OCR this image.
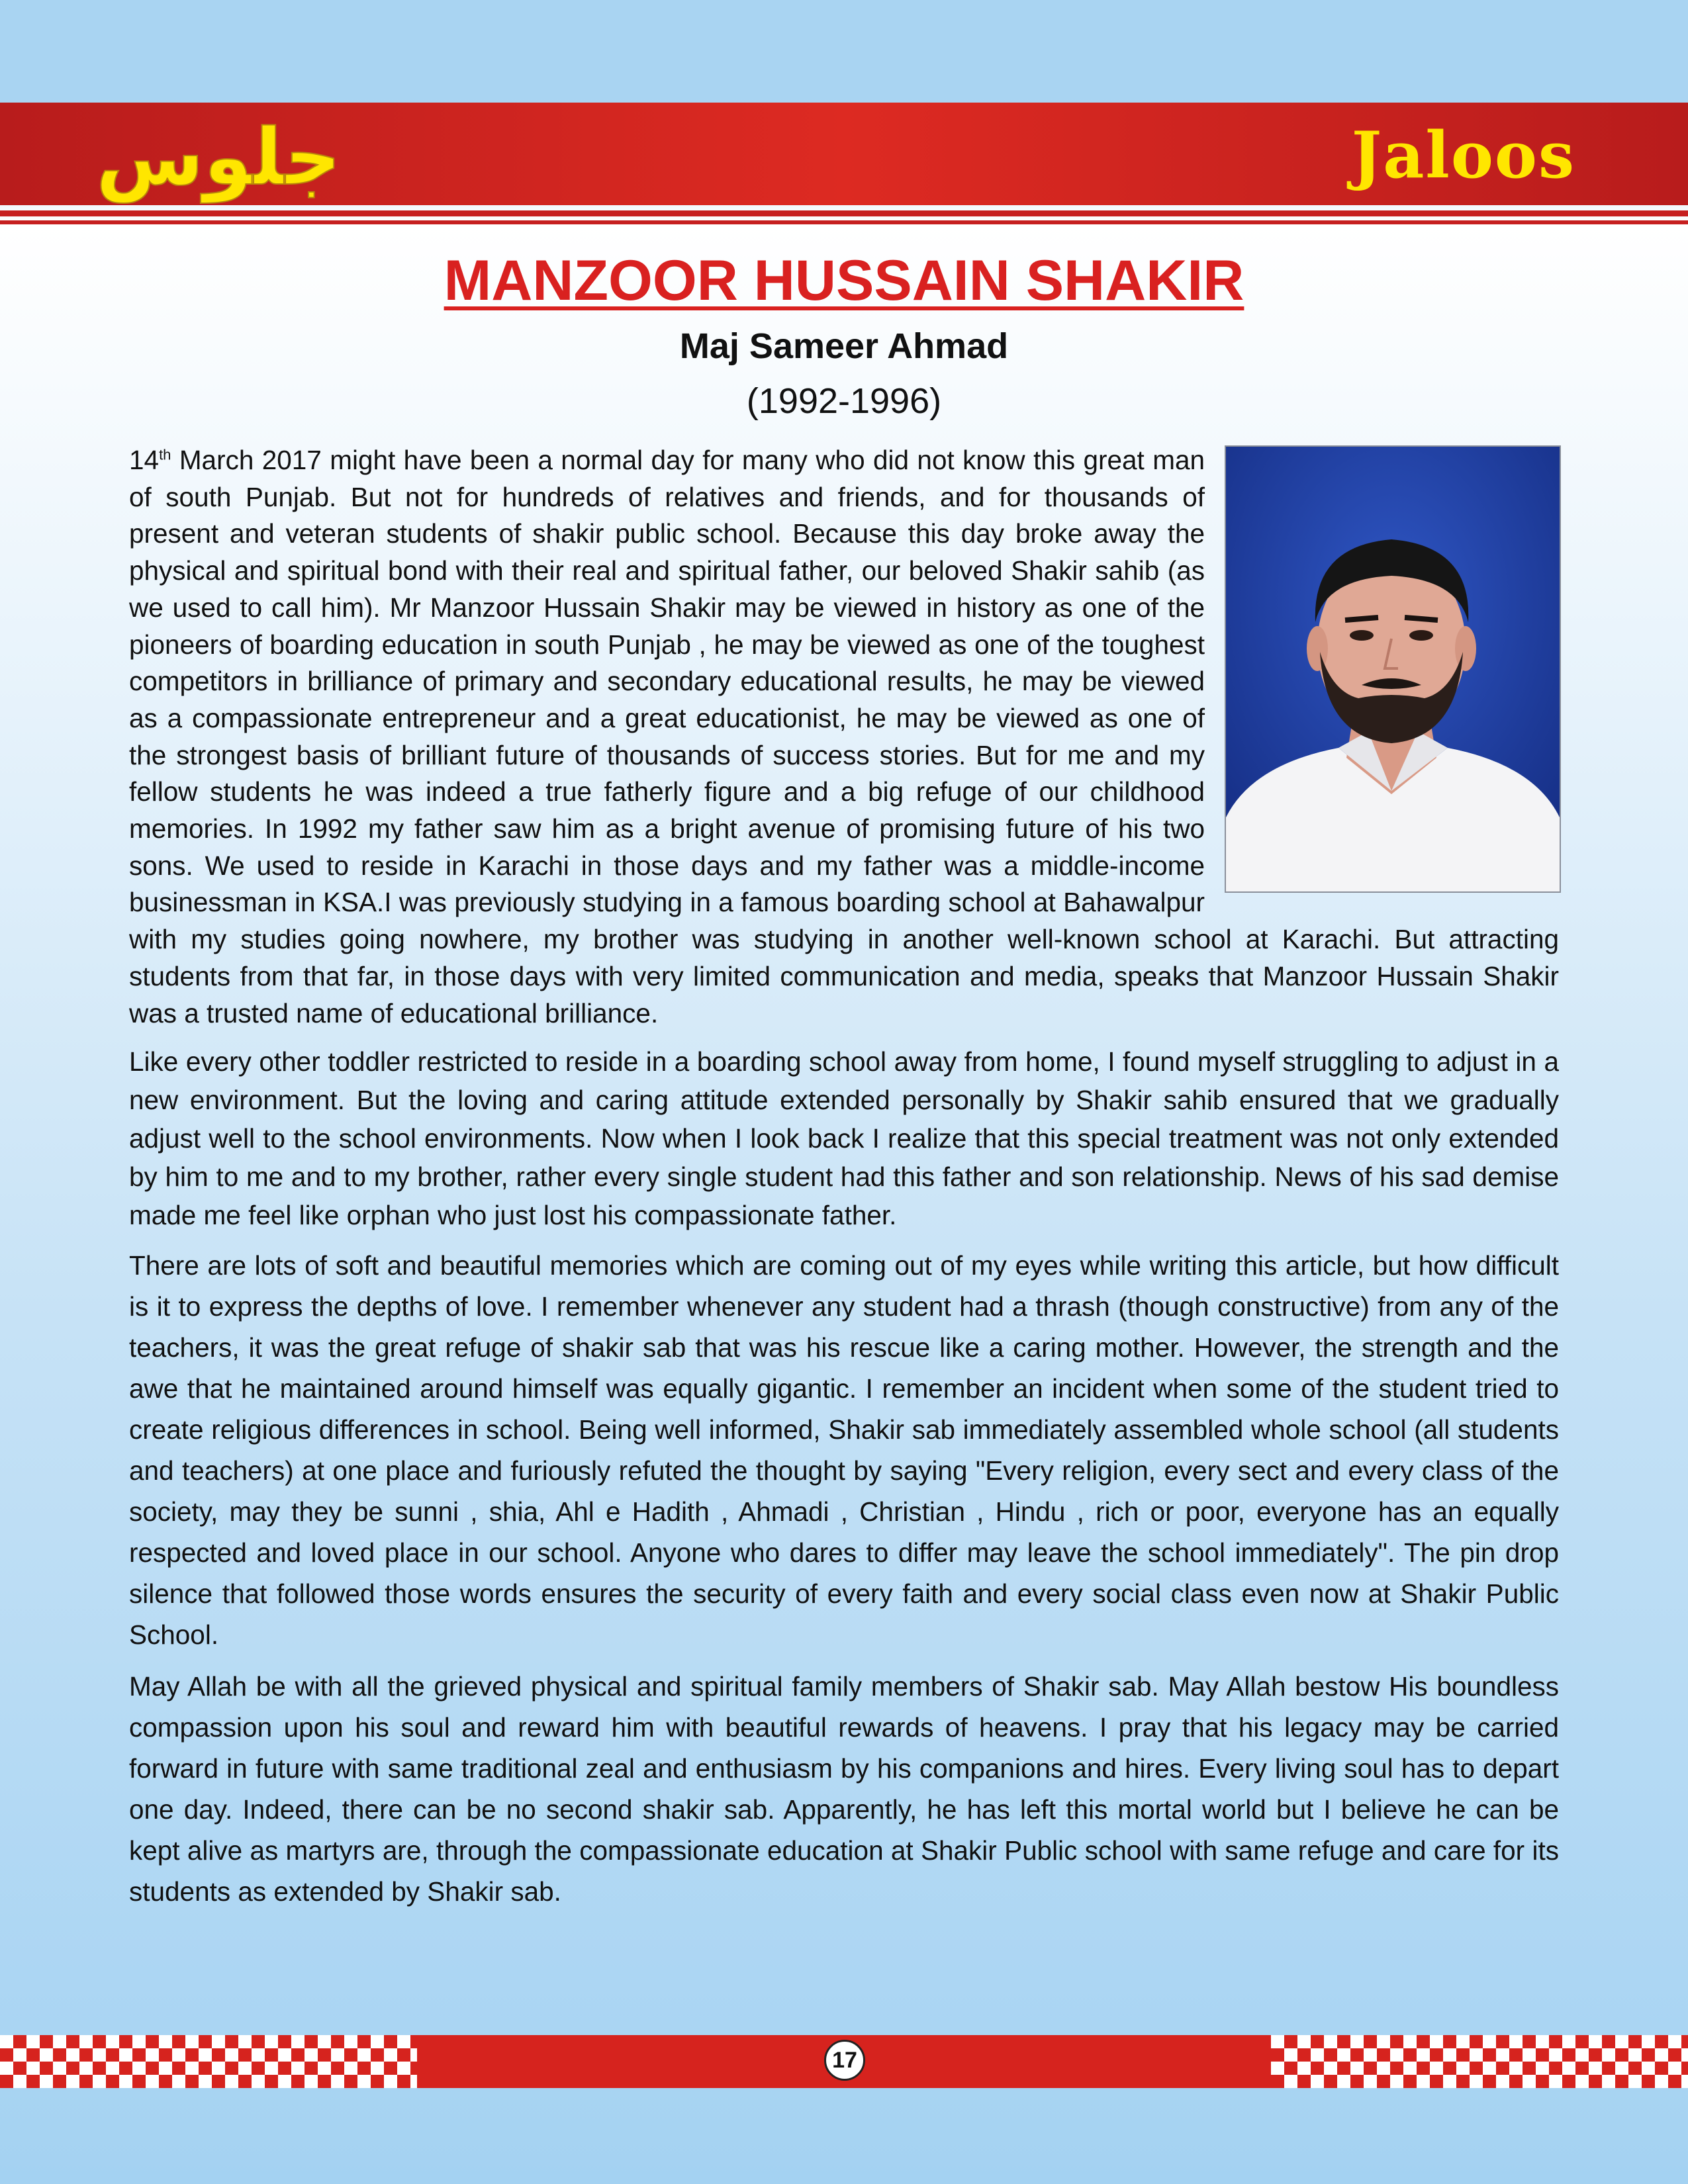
جلوس	Jaloos
MANZOOR HUSSAIN SHAKIR
Maj Sameer Ahmad
(1992-1996)

14th March 2017 might have been a normal day for many who did not know this great man of south Punjab. But not for hundreds of relatives and friends, and for thousands of present and veteran students of shakir public school. Because this day broke away the physical and spiritual bond with their real and spiritual father, our beloved Shakir sahib (as we used to call him). Mr Manzoor Hussain Shakir may be viewed in history as one of the pioneers of boarding education in south Punjab , he may be viewed as one of the toughest competitors in brilliance of primary and secondary educational results, he may be viewed as a compassionate entrepreneur and a great educationist, he may be viewed as one of the strongest basis of brilliant future of thousands of success stories. But for me and my fellow students he was indeed a true fatherly figure and a big refuge of our childhood memories. In 1992 my father saw him as a bright avenue of promising future of his two sons. We used to reside in Karachi in those days and my father was a middle-income businessman in KSA.I was previously studying in a famous boarding school at Bahawalpur with my studies going nowhere, my brother was studying in another well-known school at Karachi. But attracting students from that far, in those days with very limited communication and media, speaks that Manzoor Hussain Shakir was a trusted name of educational brilliance.

Like every other toddler restricted to reside in a boarding school away from home, I found myself struggling to adjust in a new environment. But the loving and caring attitude extended personally by Shakir sahib ensured that we gradually adjust well to the school environments. Now when I look back I realize that this special treatment was not only extended by him to me and to my brother, rather every single student had this father and son relationship. News of his sad demise made me feel like orphan who just lost his compassionate father.

There are lots of soft and beautiful memories which are coming out of my eyes while writing this article, but how difficult is it to express the depths of love. I remember whenever any student had a thrash (though constructive) from any of the teachers, it was the great refuge of shakir sab that was his rescue like a caring mother. However, the strength and the awe that he maintained around himself was equally gigantic. I remember an incident when some of the student tried to create religious differences in school. Being well informed, Shakir sab immediately assembled whole school (all students and teachers) at one place and furiously refuted the thought by saying "Every religion, every sect and every class of the society, may they be sunni , shia, Ahl e Hadith , Ahmadi , Christian , Hindu , rich or poor, everyone has an equally respected and loved place in our school. Anyone who dares to differ may leave the school immediately". The pin drop silence that followed those words ensures the security of every faith and every social class even now at Shakir Public School.

May Allah be with all the grieved physical and spiritual family members of Shakir sab. May Allah bestow His boundless compassion upon his soul and reward him with beautiful rewards of heavens. I pray that his legacy may be carried forward in future with same traditional zeal and enthusiasm by his companions and hires. Every living soul has to depart one day. Indeed, there can be no second shakir sab. Apparently, he has left this mortal world but I believe he can be kept alive as martyrs are, through the compassionate education at Shakir Public school with same refuge and care for its students as extended by Shakir sab.

17
